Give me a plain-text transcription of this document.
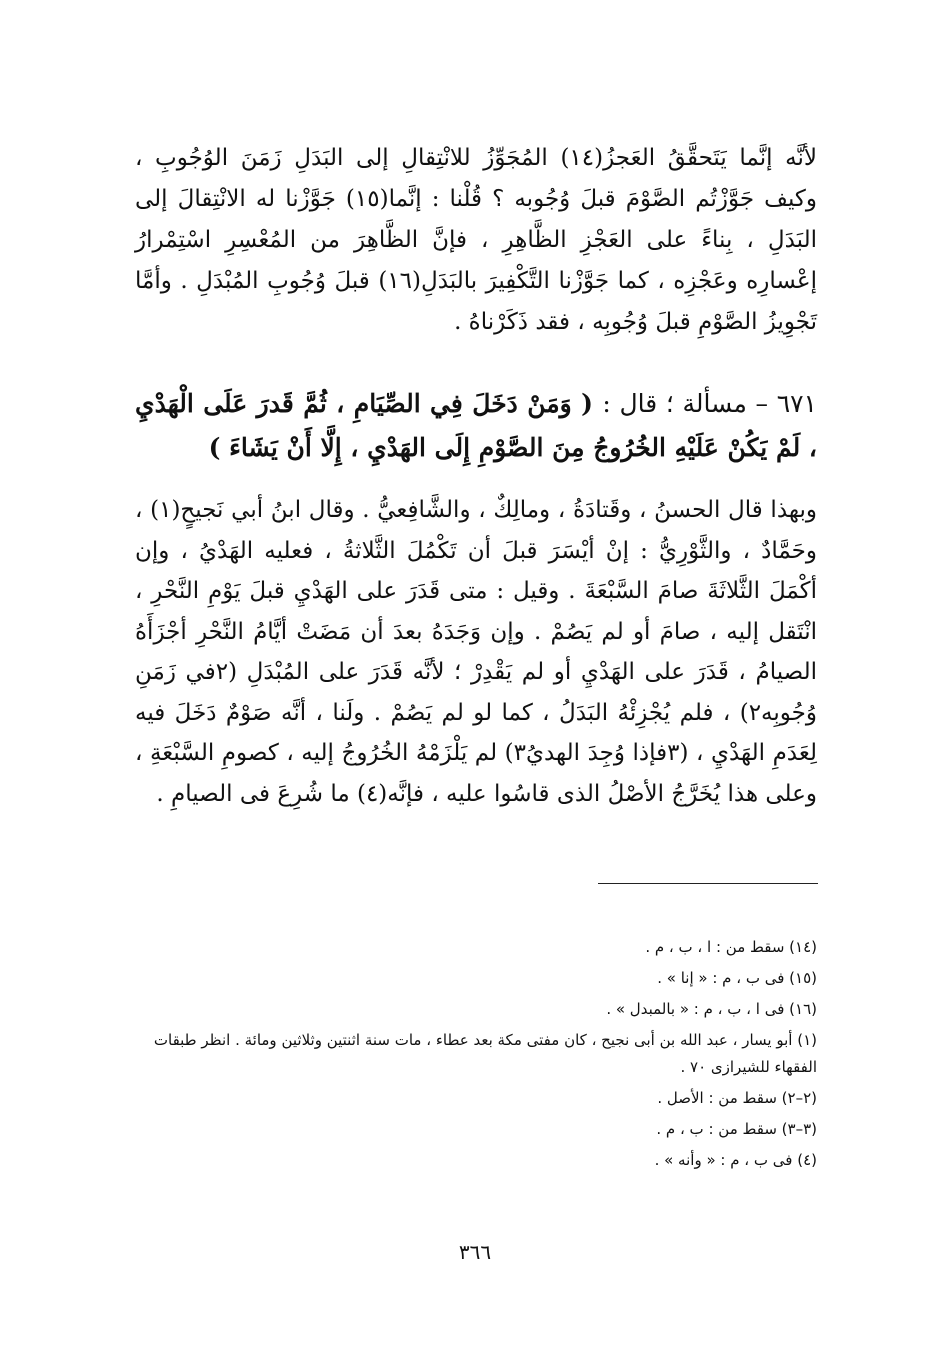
لأنَّه إنَّما يَتَحقَّقُ العَجزُ(١٤) المُجَوِّزُ للانْتِقالِ إلى البَدَلِ زَمَنَ الوُجُوبِ ، وكيف جَوَّزْتُم الصَّوْمَ قبلَ وُجُوبه ؟ قُلْنا : إنَّما(١٥) جَوَّزْنا له الانْتِقالَ إلى البَدَلِ ، بِناءً على العَجْزِ الظَّاهِرِ ، فإنَّ الظَّاهِرَ من المُعْسِرِ اسْتِمْرارُ إعْسارِه وعَجْزِه ، كما جَوَّزْنا التَّكْفِيرَ بالبَدَلِ(١٦) قبلَ وُجُوبِ المُبْدَلِ . وأمَّا تَجْوِيزُ الصَّوْمِ قبلَ وُجُوبِه ، فقد ذَكَرْناهُ .
٦٧١ – مسألة ؛ قال : ( وَمَنْ دَخَلَ فِي الصِّيَامِ ، ثُمَّ قَدرَ عَلَى الْهَدْيِ ، لَمْ يَكُنْ عَلَيْهِ الخُرُوجُ مِنَ الصَّوْمِ إِلَى الهَدْيِ ، إِلَّا أَنْ يَشَاءَ )
وبهذا قال الحسنُ ، وقَتادَةُ ، ومالِكٌ ، والشَّافِعيُّ . وقال ابنُ أبي نَجيحٍ(١) ، وحَمَّادٌ ، والثَّوْرِيُّ : إنْ أيْسَرَ قبلَ أن تَكْمُلَ الثَّلاثةُ ، فعليه الهَدْيُ ، وإن أكْمَلَ الثَّلاثَةَ صامَ السَّبْعَةَ . وقيل : متى قَدَرَ على الهَدْيِ قبلَ يَوْمِ النَّحْرِ ، انْتَقل إليه ، صامَ أو لم يَصُمْ . وإن وَجَدَهُ بعدَ أن مَضَتْ أيَّامُ النَّحْرِ أجْزَأَهُ الصيامُ ، قَدَرَ على الهَدْيِ أو لم يَقْدِرْ ؛ لأنَّه قَدَرَ على المُبْدَلِ (٢في زَمَنِ وُجُوبِه٢) ، فلم يُجْزِئْهُ البَدَلُ ، كما لو لم يَصُمْ . ولَنا ، أنَّه صَوْمٌ دَخَلَ فيه لِعَدَمِ الهَدْيِ ، (٣فإذا وُجِدَ الهديُ٣) لم يَلْزَمْهُ الخُرُوجُ إليه ، كصومِ السَّبْعَةِ ، وعلى هذا يُخَرَّجُ الأصْلُ الذى قاسُوا عليه ، فإنَّه(٤) ما شُرِعَ فى الصيامِ .
(١٤) سقط من : ا ، ب ، م .
(١٥) فى ب ، م : « إنا » .
(١٦) فى ا ، ب ، م : « بالمبدل » .
(١) أبو يسار ، عبد الله بن أبى نجيح ، كان مفتى مكة بعد عطاء ، مات سنة اثنتين وثلاثين ومائة . انظر طبقات
الفقهاء للشيرازى ٧٠ .
(٢–٢) سقط من : الأصل .
(٣–٣) سقط من : ب ، م .
(٤) فى ب ، م : « وأنه » .
٣٦٦
